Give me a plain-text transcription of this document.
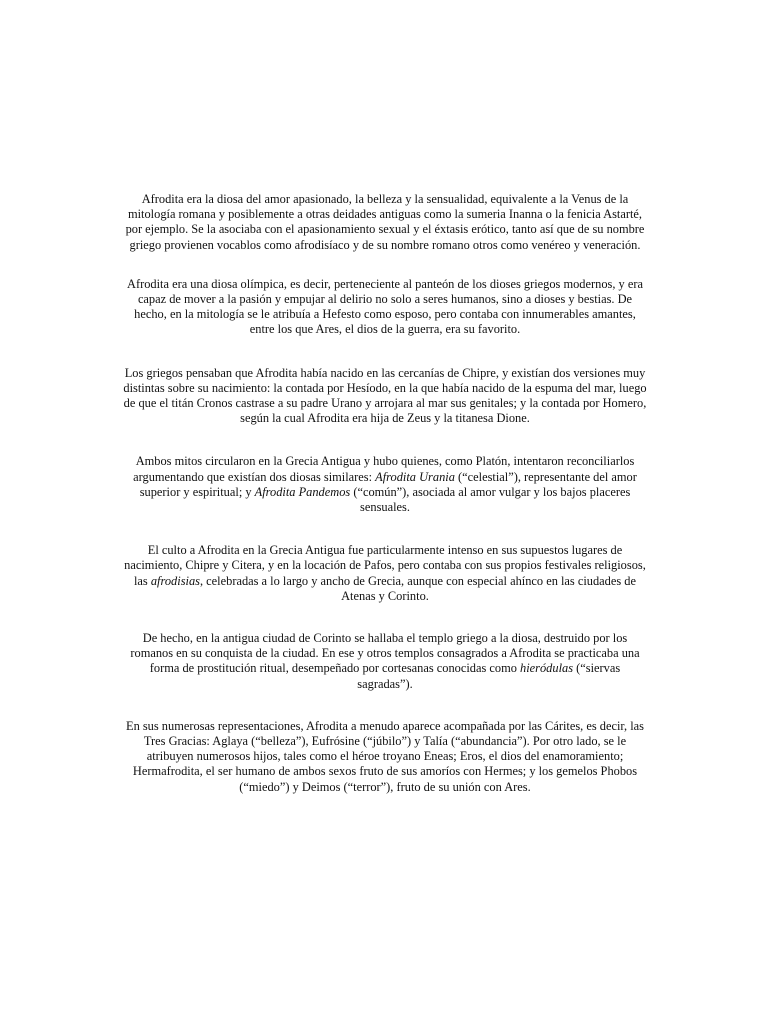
Afrodita era la diosa del amor apasionado, la belleza y la sensualidad, equivalente a la Venus de la
mitología romana y posiblemente a otras deidades antiguas como la sumeria Inanna o la fenicia Astarté,
por ejemplo. Se la asociaba con el apasionamiento sexual y el éxtasis erótico, tanto así que de su nombre
griego provienen vocablos como afrodisíaco y de su nombre romano otros como venéreo y veneración.

Afrodita era una diosa olímpica, es decir, perteneciente al panteón de los dioses griegos modernos, y era
capaz de mover a la pasión y empujar al delirio no solo a seres humanos, sino a dioses y bestias. De
hecho, en la mitología se le atribuía a Hefesto como esposo, pero contaba con innumerables amantes,
entre los que Ares, el dios de la guerra, era su favorito.

Los griegos pensaban que Afrodita había nacido en las cercanías de Chipre, y existían dos versiones muy
distintas sobre su nacimiento: la contada por Hesíodo, en la que había nacido de la espuma del mar, luego
de que el titán Cronos castrase a su padre Urano y arrojara al mar sus genitales; y la contada por Homero,
según la cual Afrodita era hija de Zeus y la titanesa Dione.

Ambos mitos circularon en la Grecia Antigua y hubo quienes, como Platón, intentaron reconciliarlos
argumentando que existían dos diosas similares: Afrodita Urania (“celestial”), representante del amor
superior y espiritual; y Afrodita Pandemos (“común”), asociada al amor vulgar y los bajos placeres
sensuales.

El culto a Afrodita en la Grecia Antigua fue particularmente intenso en sus supuestos lugares de
nacimiento, Chipre y Citera, y en la locación de Pafos, pero contaba con sus propios festivales religiosos,
las afrodisias, celebradas a lo largo y ancho de Grecia, aunque con especial ahínco en las ciudades de
Atenas y Corinto.

De hecho, en la antigua ciudad de Corinto se hallaba el templo griego a la diosa, destruido por los
romanos en su conquista de la ciudad. En ese y otros templos consagrados a Afrodita se practicaba una
forma de prostitución ritual, desempeñado por cortesanas conocidas como hieródulas (“siervas
sagradas”).

En sus numerosas representaciones, Afrodita a menudo aparece acompañada por las Cárites, es decir, las
Tres Gracias: Aglaya (“belleza”), Eufrósine (“júbilo”) y Talía (“abundancia”). Por otro lado, se le
atribuyen numerosos hijos, tales como el héroe troyano Eneas; Eros, el dios del enamoramiento;
Hermafrodita, el ser humano de ambos sexos fruto de sus amoríos con Hermes; y los gemelos Phobos
(“miedo”) y Deimos (“terror”), fruto de su unión con Ares.
